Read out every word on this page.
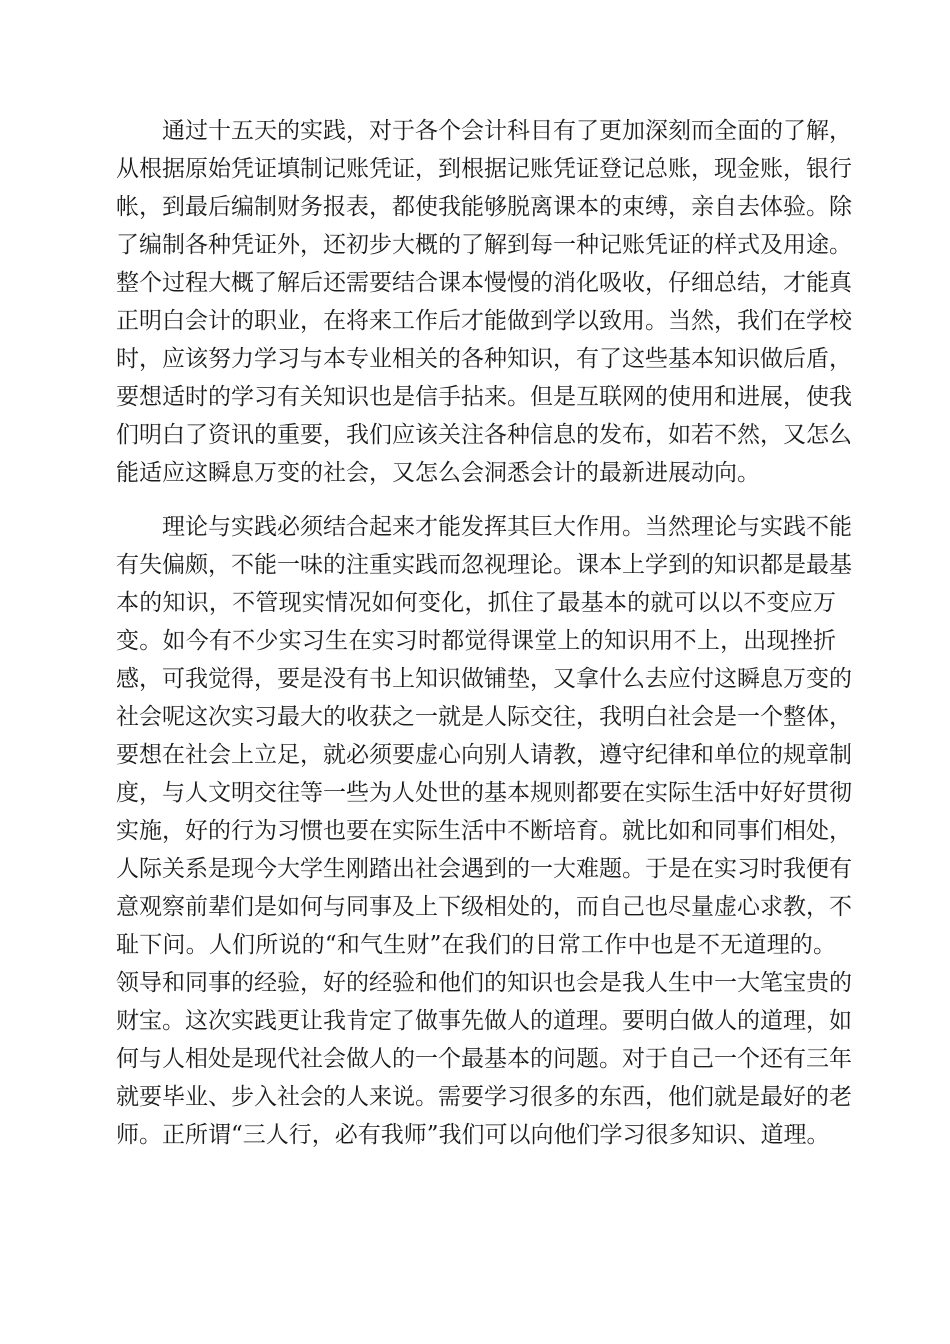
通过十五天的实践，对于各个会计科目有了更加深刻而全面的了解，
从根据原始凭证填制记账凭证，到根据记账凭证登记总账，现金账，银行
帐，到最后编制财务报表，都使我能够脱离课本的束缚，亲自去体验。除
了编制各种凭证外，还初步大概的了解到每一种记账凭证的样式及用途。
整个过程大概了解后还需要结合课本慢慢的消化吸收，仔细总结，才能真
正明白会计的职业，在将来工作后才能做到学以致用。当然，我们在学校
时，应该努力学习与本专业相关的各种知识，有了这些基本知识做后盾，
要想适时的学习有关知识也是信手拈来。但是互联网的使用和进展，使我
们明白了资讯的重要，我们应该关注各种信息的发布，如若不然，又怎么
能适应这瞬息万变的社会，又怎么会洞悉会计的最新进展动向。
理论与实践必须结合起来才能发挥其巨大作用。当然理论与实践不能
有失偏颇，不能一味的注重实践而忽视理论。课本上学到的知识都是最基
本的知识，不管现实情况如何变化，抓住了最基本的就可以以不变应万
变。如今有不少实习生在实习时都觉得课堂上的知识用不上，出现挫折
感，可我觉得，要是没有书上知识做铺垫，又拿什么去应付这瞬息万变的
社会呢这次实习最大的收获之一就是人际交往，我明白社会是一个整体，
要想在社会上立足，就必须要虚心向别人请教，遵守纪律和单位的规章制
度，与人文明交往等一些为人处世的基本规则都要在实际生活中好好贯彻
实施，好的行为习惯也要在实际生活中不断培育。就比如和同事们相处，
人际关系是现今大学生刚踏出社会遇到的一大难题。于是在实习时我便有
意观察前辈们是如何与同事及上下级相处的，而自己也尽量虚心求教，不
耻下问。人们所说的“和气生财”在我们的日常工作中也是不无道理的。
领导和同事的经验，好的经验和他们的知识也会是我人生中一大笔宝贵的
财宝。这次实践更让我肯定了做事先做人的道理。要明白做人的道理，如
何与人相处是现代社会做人的一个最基本的问题。对于自己一个还有三年
就要毕业、步入社会的人来说。需要学习很多的东西，他们就是最好的老
师。正所谓“三人行，必有我师”我们可以向他们学习很多知识、道理。
